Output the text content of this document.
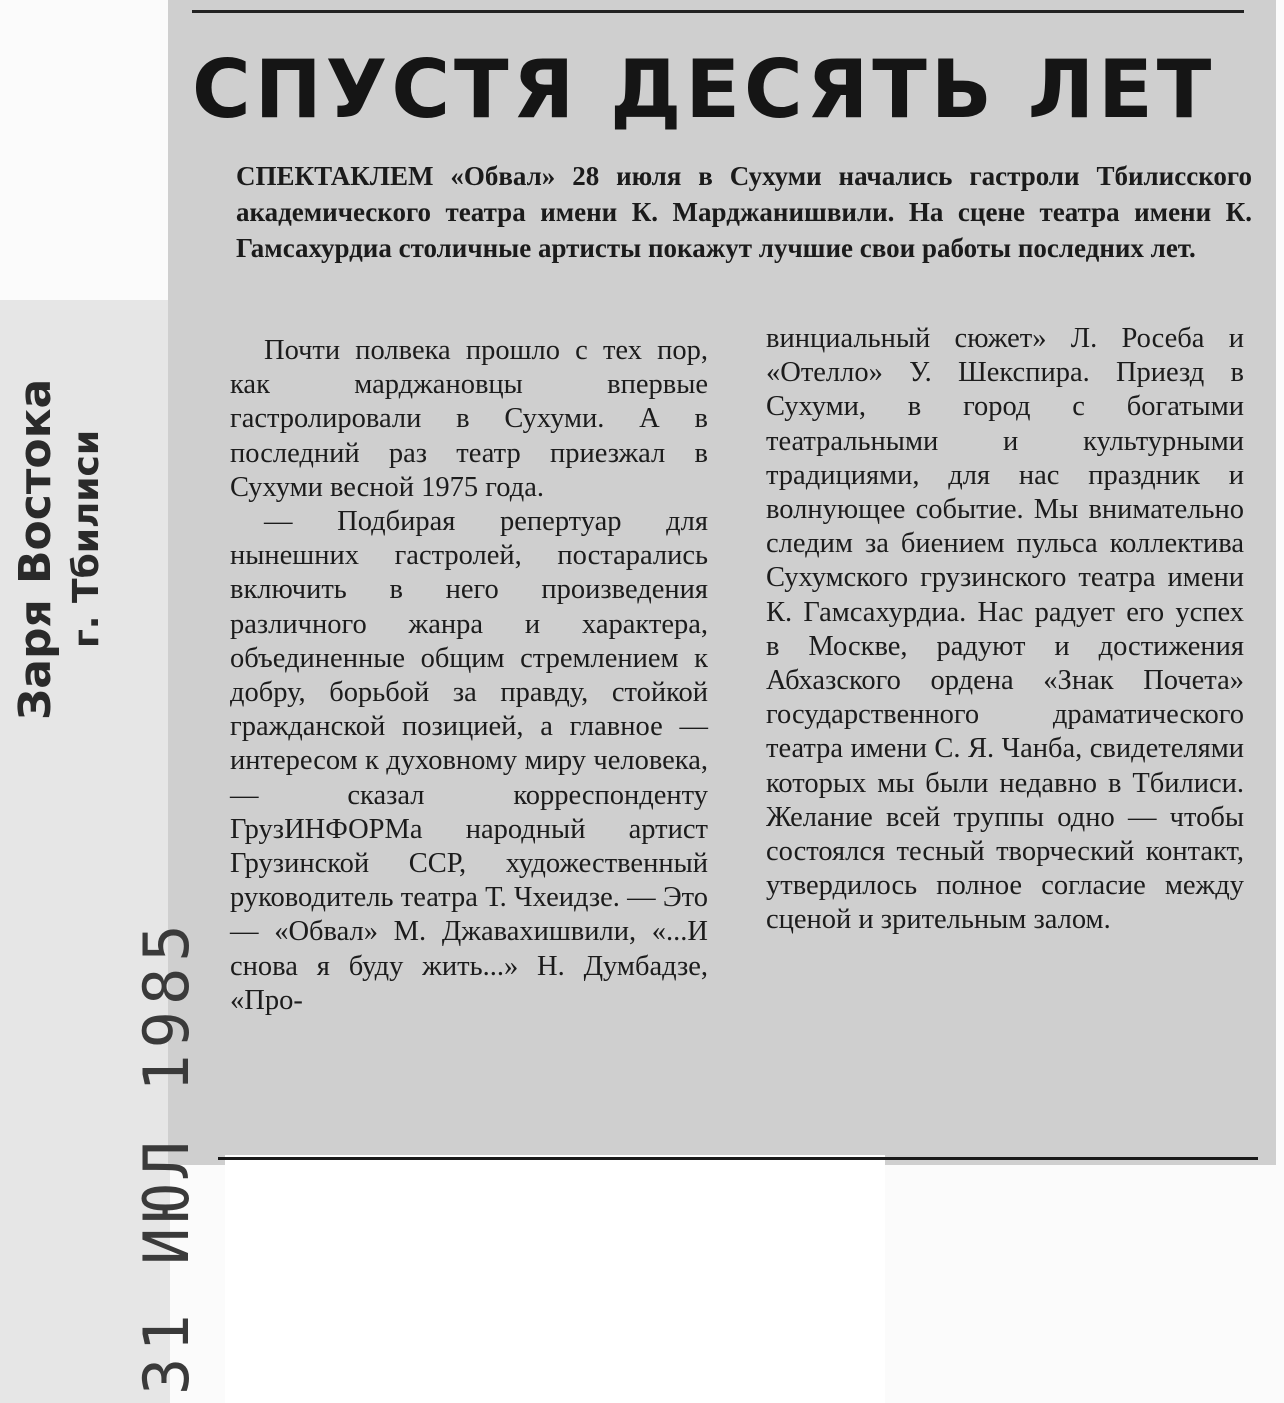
СПУСТЯ ДЕСЯТЬ ЛЕТ

СПЕКТАКЛЕМ «Обвал» 28 июля в Сухуми начались гастроли Тбилисского академического театра имени К. Марджанишвили. На сцене театра имени К. Гамсахурдиа столичные артисты покажут лучшие свои работы последних лет.

Почти полвека прошло с тех пор, как марджановцы впервые гастролировали в Сухуми. А в последний раз театр приезжал в Сухуми весной 1975 года.

— Подбирая репертуар для нынешних гастролей, постарались включить в него произведения различного жанра и характера, объединенные общим стремлением к добру, борьбой за правду, стойкой гражданской позицией, а главное — интересом к духовному миру человека, — сказал корреспонденту ГрузИНФОРМа народный артист Грузинской ССР, художественный руководитель театра Т. Чхеидзе. — Это — «Обвал» М. Джавахишвили, «...И снова я буду жить...» Н. Думбадзе, «Про-

винциальный сюжет» Л. Росеба и «Отелло» У. Шекспира. Приезд в Сухуми, в город с богатыми театральными и культурными традициями, для нас праздник и волнующее событие. Мы внимательно следим за биением пульса коллектива Сухумского грузинского театра имени К. Гамсахурдиа. Нас радует его успех в Москве, радуют и достижения Абхазского ордена «Знак Почета» государственного драматического театра имени С. Я. Чанба, свидетелями которых мы были недавно в Тбилиси. Желание всей труппы одно — чтобы состоялся тесный творческий контакт, утвердилось полное согласие между сценой и зрительным залом.

Заря Востока г. Тбилиси
31 ИЮЛ 1985
